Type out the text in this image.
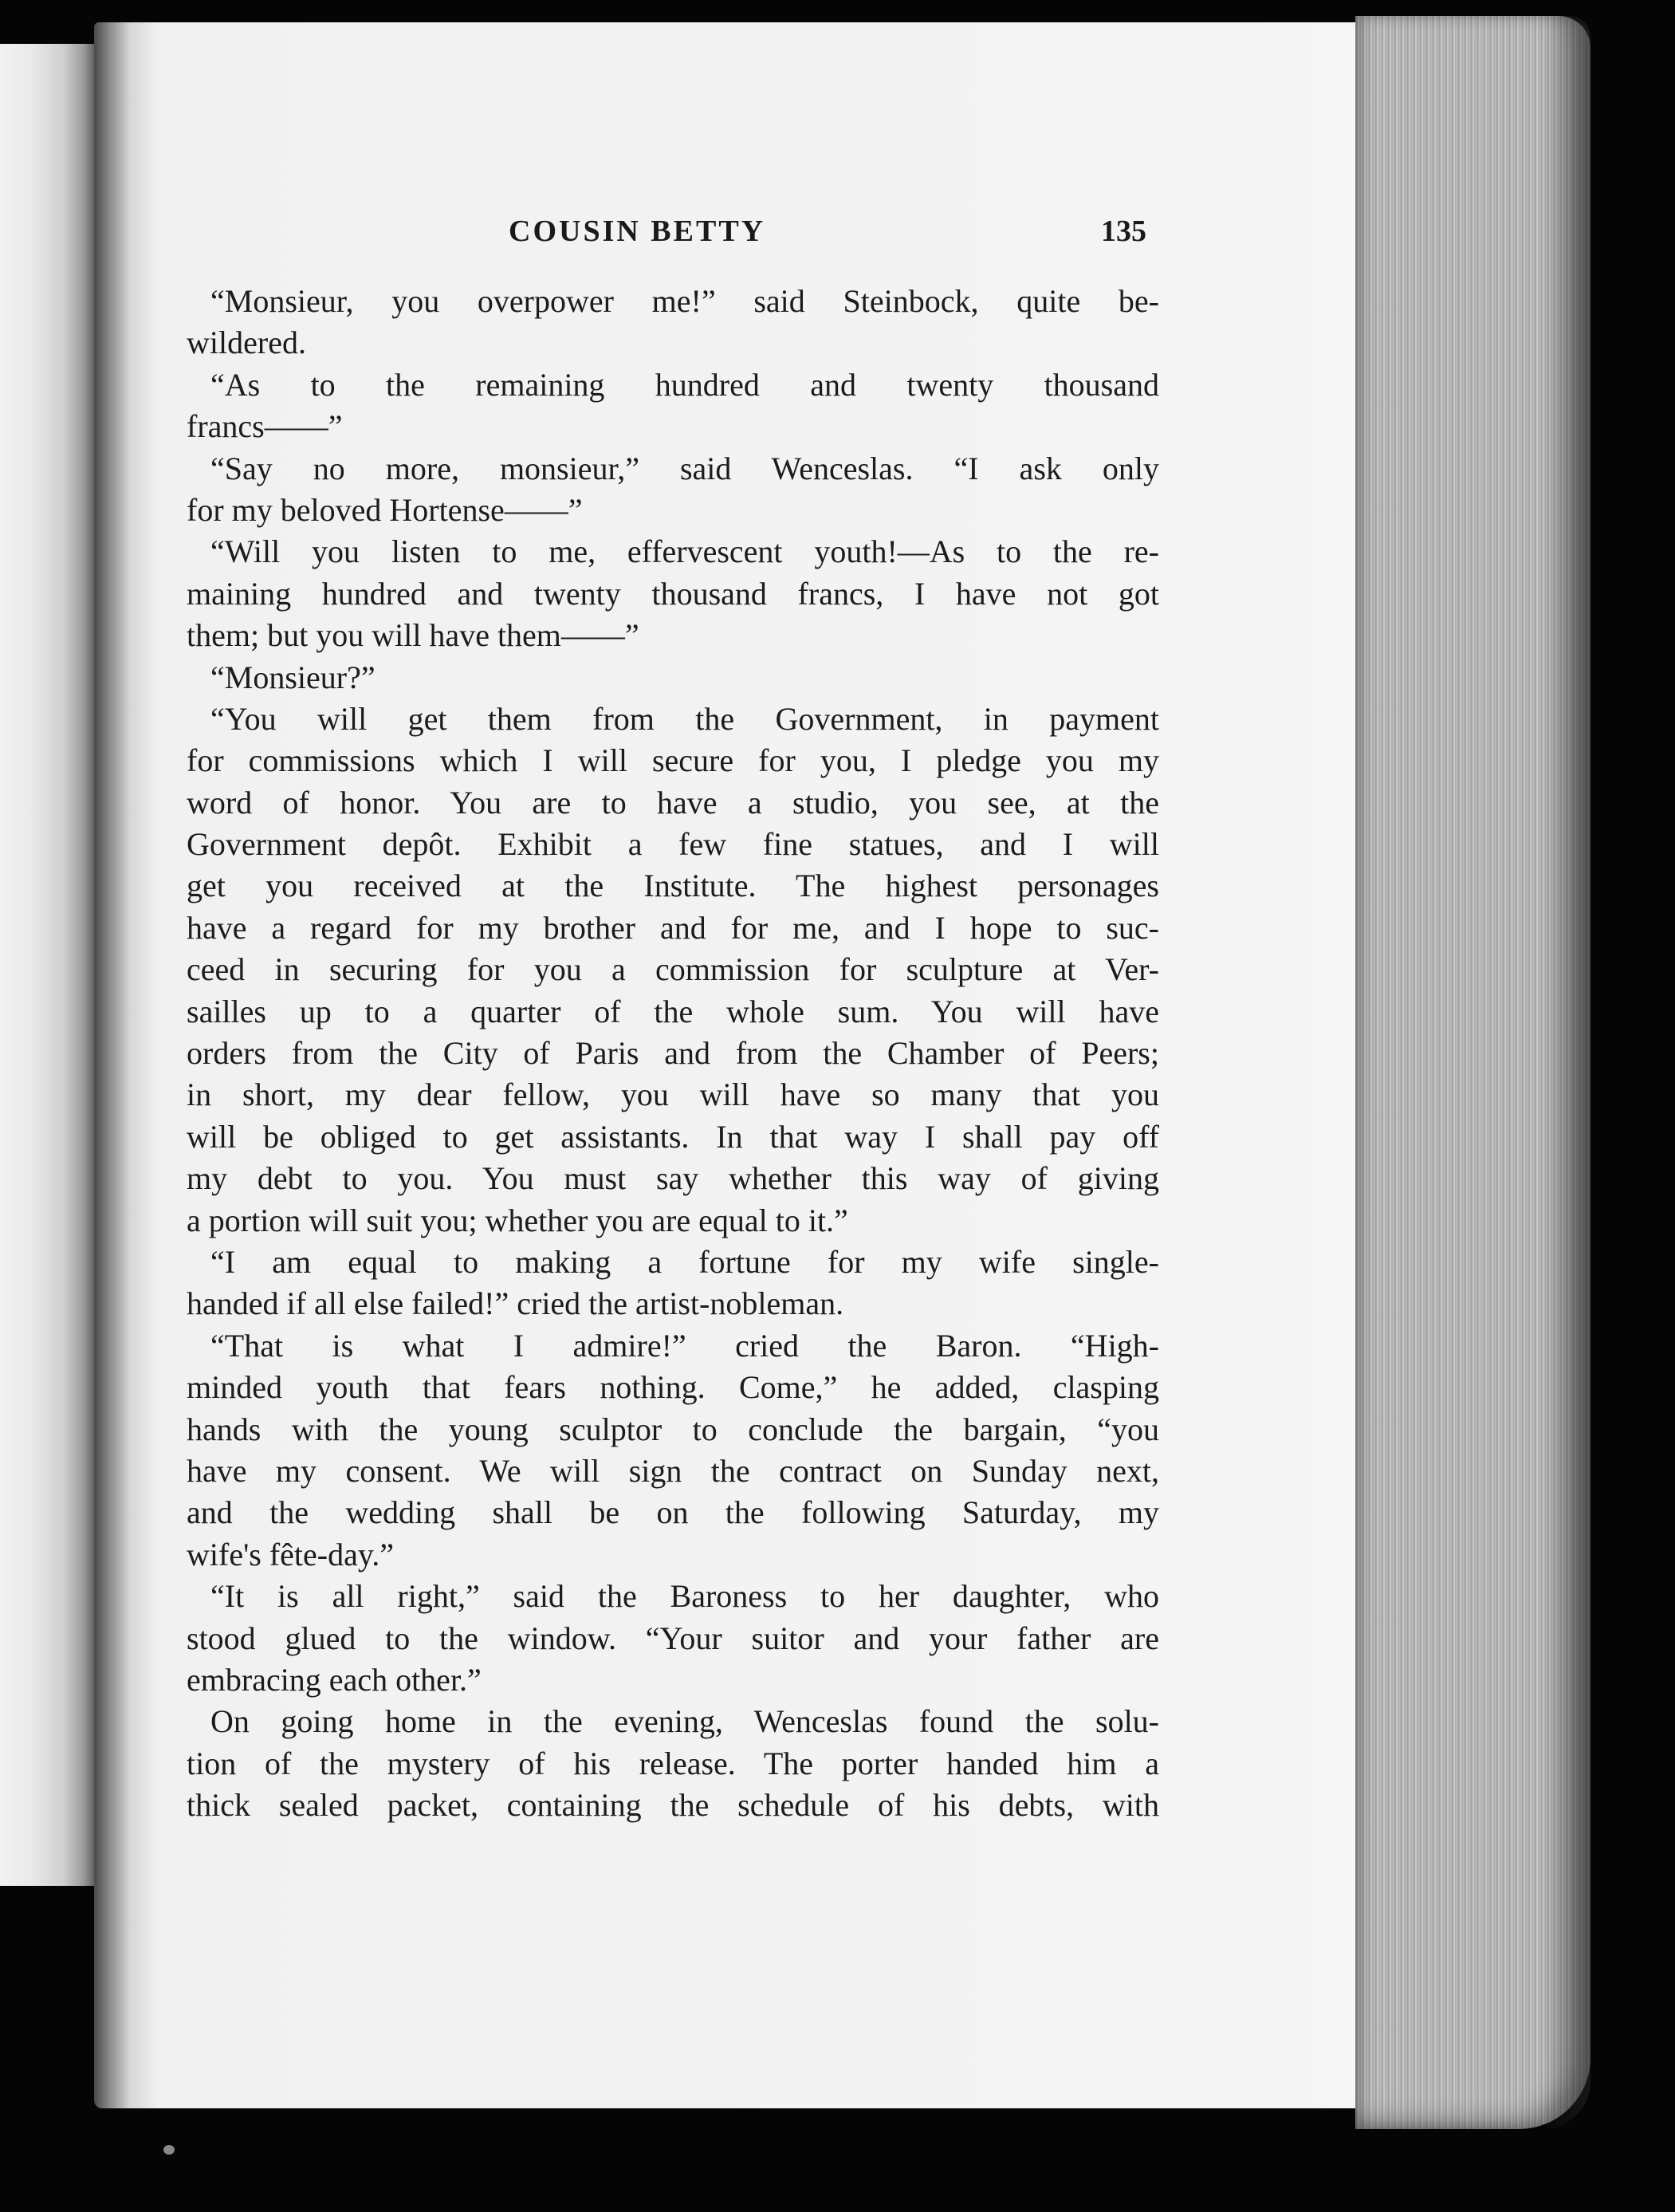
COUSIN BETTY	135
“Monsieur, you overpower me!” said Steinbock, quite be-
wildered.
“As to the remaining hundred and twenty thousand
francs——”
“Say no more, monsieur,” said Wenceslas. “I ask only
for my beloved Hortense——”
“Will you listen to me, effervescent youth!—As to the re-
maining hundred and twenty thousand francs, I have not got
them; but you will have them——”
“Monsieur?”
“You will get them from the Government, in payment
for commissions which I will secure for you, I pledge you my
word of honor. You are to have a studio, you see, at the
Government depôt. Exhibit a few fine statues, and I will
get you received at the Institute. The highest personages
have a regard for my brother and for me, and I hope to suc-
ceed in securing for you a commission for sculpture at Ver-
sailles up to a quarter of the whole sum. You will have
orders from the City of Paris and from the Chamber of Peers;
in short, my dear fellow, you will have so many that you
will be obliged to get assistants. In that way I shall pay off
my debt to you. You must say whether this way of giving
a portion will suit you; whether you are equal to it.”
“I am equal to making a fortune for my wife single-
handed if all else failed!” cried the artist-nobleman.
“That is what I admire!” cried the Baron. “High-
minded youth that fears nothing. Come,” he added, clasping
hands with the young sculptor to conclude the bargain, “you
have my consent. We will sign the contract on Sunday next,
and the wedding shall be on the following Saturday, my
wife's fête-day.”
“It is all right,” said the Baroness to her daughter, who
stood glued to the window. “Your suitor and your father are
embracing each other.”
On going home in the evening, Wenceslas found the solu-
tion of the mystery of his release. The porter handed him a
thick sealed packet, containing the schedule of his debts, with
